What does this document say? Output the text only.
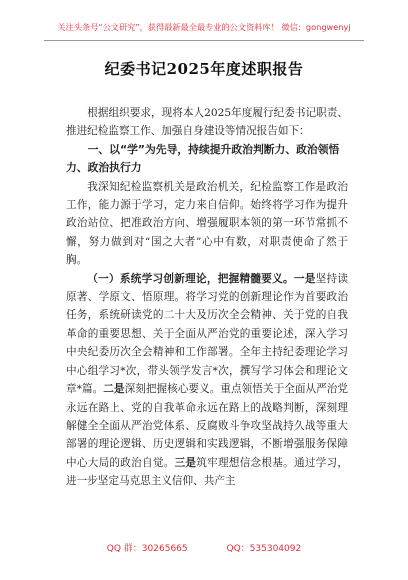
关注头条号“公文研究”，获得最新最全最专业的公文资料库！ 微信：gongwenyj
纪委书记2025年度述职报告

根据组织要求，现将本人2025年度履行纪委书记职责、推进纪检监察工作、加强自身建设等情况报告如下：

一、以“学”为先导，持续提升政治判断力、政治领悟力、政治执行力

我深知纪检监察机关是政治机关，纪检监察工作是政治工作，能力源于学习，定力来自信仰。始终将学习作为提升政治站位、把准政治方向、增强履职本领的第一环节常抓不懈，努力做到对“国之大者”心中有数，对职责使命了然于胸。

（一）系统学习创新理论，把握精髓要义。一是坚持读原著、学原文、悟原理。将学习党的创新理论作为首要政治任务，系统研读党的二十大及历次全会精神、关于党的自我革命的重要思想、关于全面从严治党的重要论述，深入学习中央纪委历次全会精神和工作部署。全年主持纪委理论学习中心组学习*次，带头领学发言*次，撰写学习体会和理论文章*篇。二是深刻把握核心要义。重点领悟关于全面从严治党永远在路上、党的自我革命永远在路上的战略判断，深刻理解健全全面从严治党体系、反腐败斗争攻坚战持久战等重大部署的理论逻辑、历史逻辑和实践逻辑，不断增强服务保障中心大局的政治自觉。三是筑牢理想信念根基。通过学习，进一步坚定马克思主义信仰、共产主

QQ 群：30265665	QQ：535304092
